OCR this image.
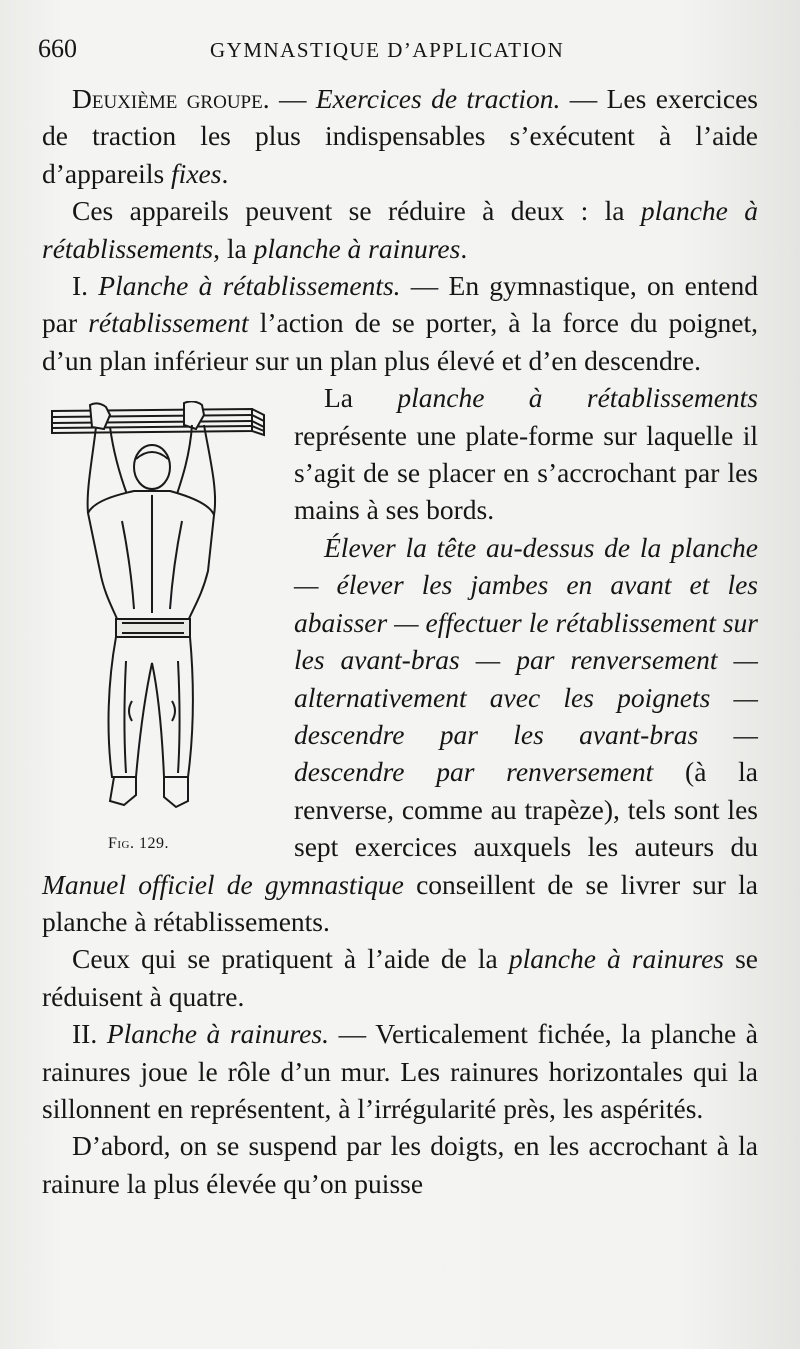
660	GYMNASTIQUE D’APPLICATION

Deuxième groupe. — Exercices de traction. — Les exercices de traction les plus indispensables s’exécutent à l’aide d’appareils fixes.

Ces appareils peuvent se réduire à deux : la planche à rétablissements, la planche à rainures.

I. Planche à rétablissements. — En gymnastique, on entend par rétablissement l’action de se porter, à la force du poignet, d’un plan inférieur sur un plan plus élevé et d’en descendre.

Fig. 129.

La planche à rétablissements représente une plate-forme sur laquelle il s’agit de se placer en s’accrochant par les mains à ses bords.

Élever la tête au-dessus de la planche — élever les jambes en avant et les abaisser — effectuer le rétablissement sur les avant-bras — par renversement — alternativement avec les poignets — descendre par les avant-bras — descendre par renversement (à la renverse, comme au trapèze), tels sont les sept exercices auxquels les auteurs du Manuel officiel de gymnastique conseillent de se livrer sur la planche à rétablissements.

Ceux qui se pratiquent à l’aide de la planche à rainures se réduisent à quatre.

II. Planche à rainures. — Verticalement fichée, la planche à rainures joue le rôle d’un mur. Les rainures horizontales qui la sillonnent en représentent, à l’irrégularité près, les aspérités.

D’abord, on se suspend par les doigts, en les accrochant à la rainure la plus élevée qu’on puisse
